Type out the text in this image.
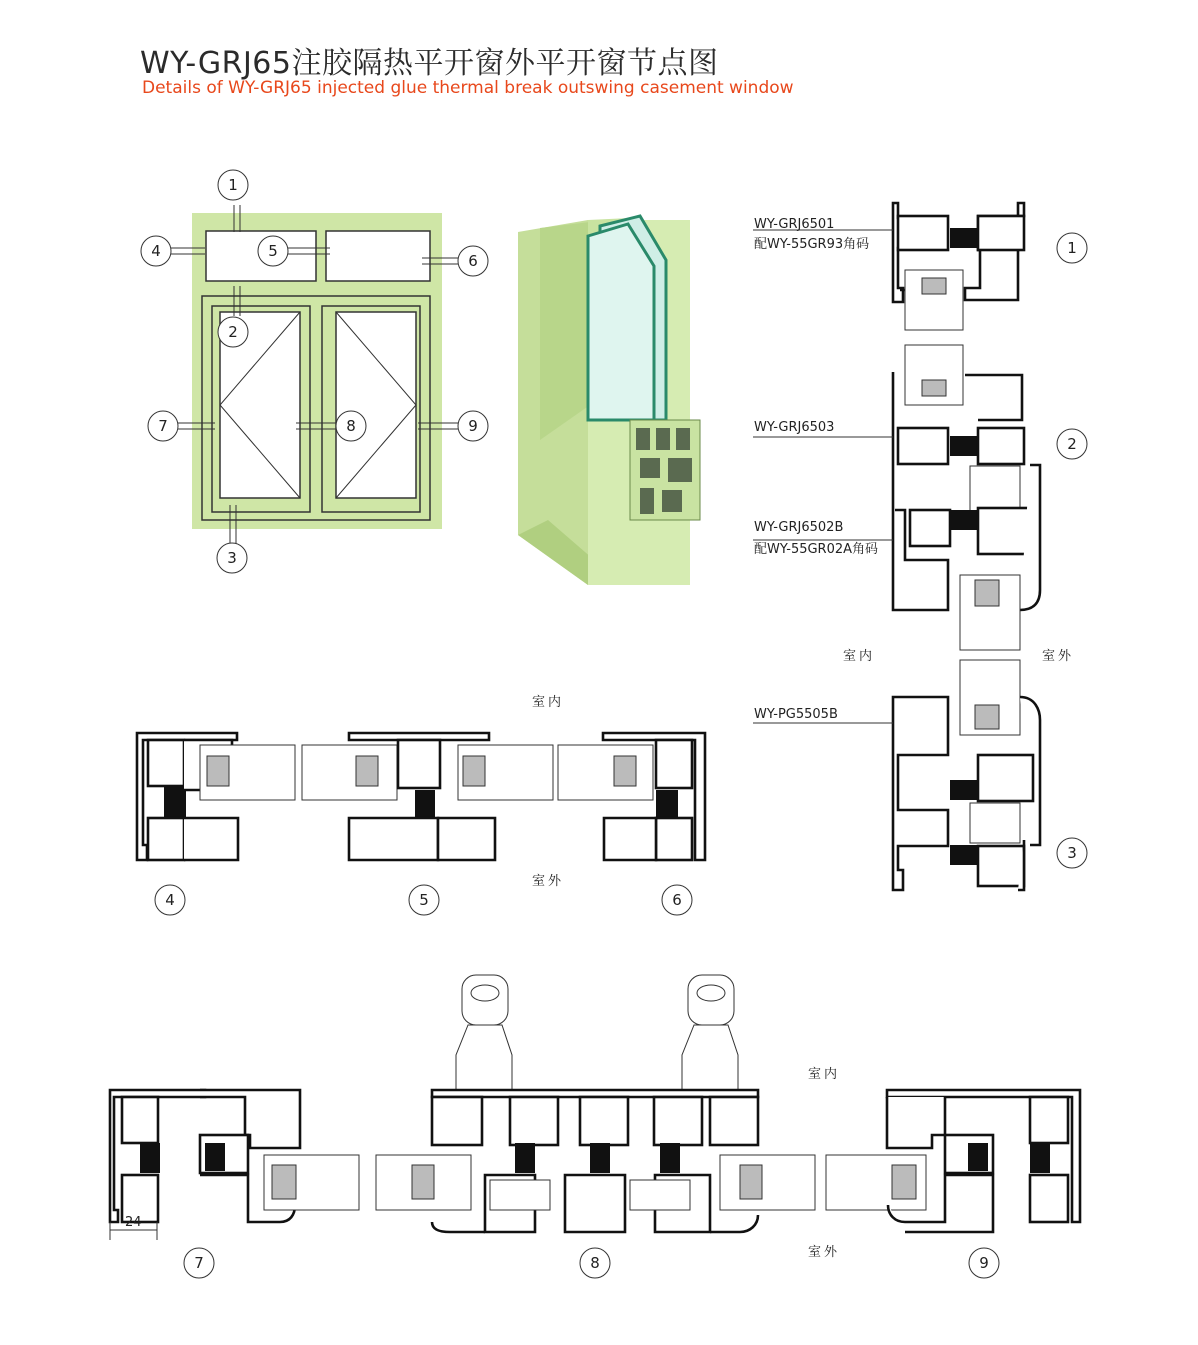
WY-GRJ65注胶隔热平开窗外平开窗节点图
Details of WY-GRJ65 injected glue thermal break outswing casement window
1
2
3
4	5
6
7	8	9
WY-GRJ6501
配WY-55GR93角码
WY-GRJ6503
WY-GRJ6502B
配WY-55GR02A角码
WY-PG5505B
室内	室外
1
2
3
室内
室外
4	5	6
24
室内
室外
7	8	9
